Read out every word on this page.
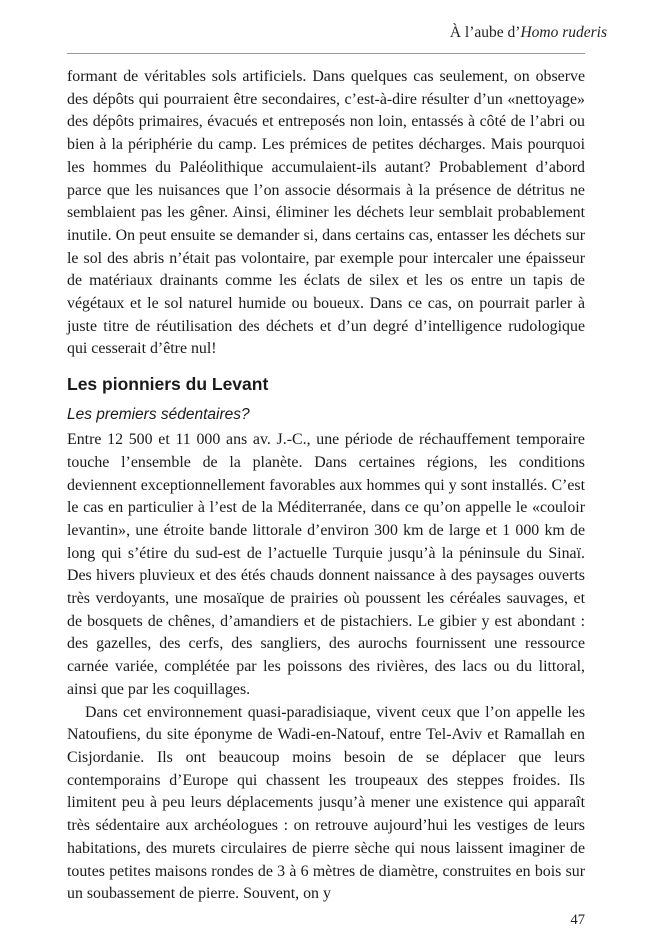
À l’aube d’Homo ruderis

formant de véritables sols artificiels. Dans quelques cas seulement, on observe des dépôts qui pourraient être secondaires, c’est-à-dire résulter d’un «nettoyage» des dépôts primaires, évacués et entreposés non loin, entassés à côté de l’abri ou bien à la périphérie du camp. Les prémices de petites décharges. Mais pourquoi les hommes du Paléolithique accumulaient-ils autant? Probablement d’abord parce que les nuisances que l’on associe désormais à la présence de détritus ne semblaient pas les gêner. Ainsi, éliminer les déchets leur semblait probablement inutile. On peut ensuite se demander si, dans certains cas, entasser les déchets sur le sol des abris n’était pas volontaire, par exemple pour intercaler une épaisseur de matériaux drainants comme les éclats de silex et les os entre un tapis de végétaux et le sol naturel humide ou boueux. Dans ce cas, on pourrait parler à juste titre de réutilisation des déchets et d’un degré d’intelligence rudologique qui cesserait d’être nul!

Les pionniers du Levant
Les premiers sédentaires?

Entre 12 500 et 11 000 ans av. J.-C., une période de réchauffement temporaire touche l’ensemble de la planète. Dans certaines régions, les conditions deviennent exceptionnellement favorables aux hommes qui y sont installés. C’est le cas en particulier à l’est de la Méditerranée, dans ce qu’on appelle le «couloir levantin», une étroite bande littorale d’environ 300 km de large et 1 000 km de long qui s’étire du sud-est de l’actuelle Turquie jusqu’à la péninsule du Sinaï. Des hivers pluvieux et des étés chauds donnent naissance à des paysages ouverts très verdoyants, une mosaïque de prairies où poussent les céréales sauvages, et de bosquets de chênes, d’amandiers et de pistachiers. Le gibier y est abondant : des gazelles, des cerfs, des sangliers, des aurochs fournissent une ressource carnée variée, complétée par les poissons des rivières, des lacs ou du littoral, ainsi que par les coquillages.

Dans cet environnement quasi-paradisiaque, vivent ceux que l’on appelle les Natoufiens, du site éponyme de Wadi-en-Natouf, entre Tel-Aviv et Ramallah en Cisjordanie. Ils ont beaucoup moins besoin de se déplacer que leurs contemporains d’Europe qui chassent les troupeaux des steppes froides. Ils limitent peu à peu leurs déplacements jusqu’à mener une existence qui apparaît très sédentaire aux archéologues : on retrouve aujourd’hui les vestiges de leurs habitations, des murets circulaires de pierre sèche qui nous laissent imaginer de toutes petites maisons rondes de 3 à 6 mètres de diamètre, construites en bois sur un soubassement de pierre. Souvent, on y

47
